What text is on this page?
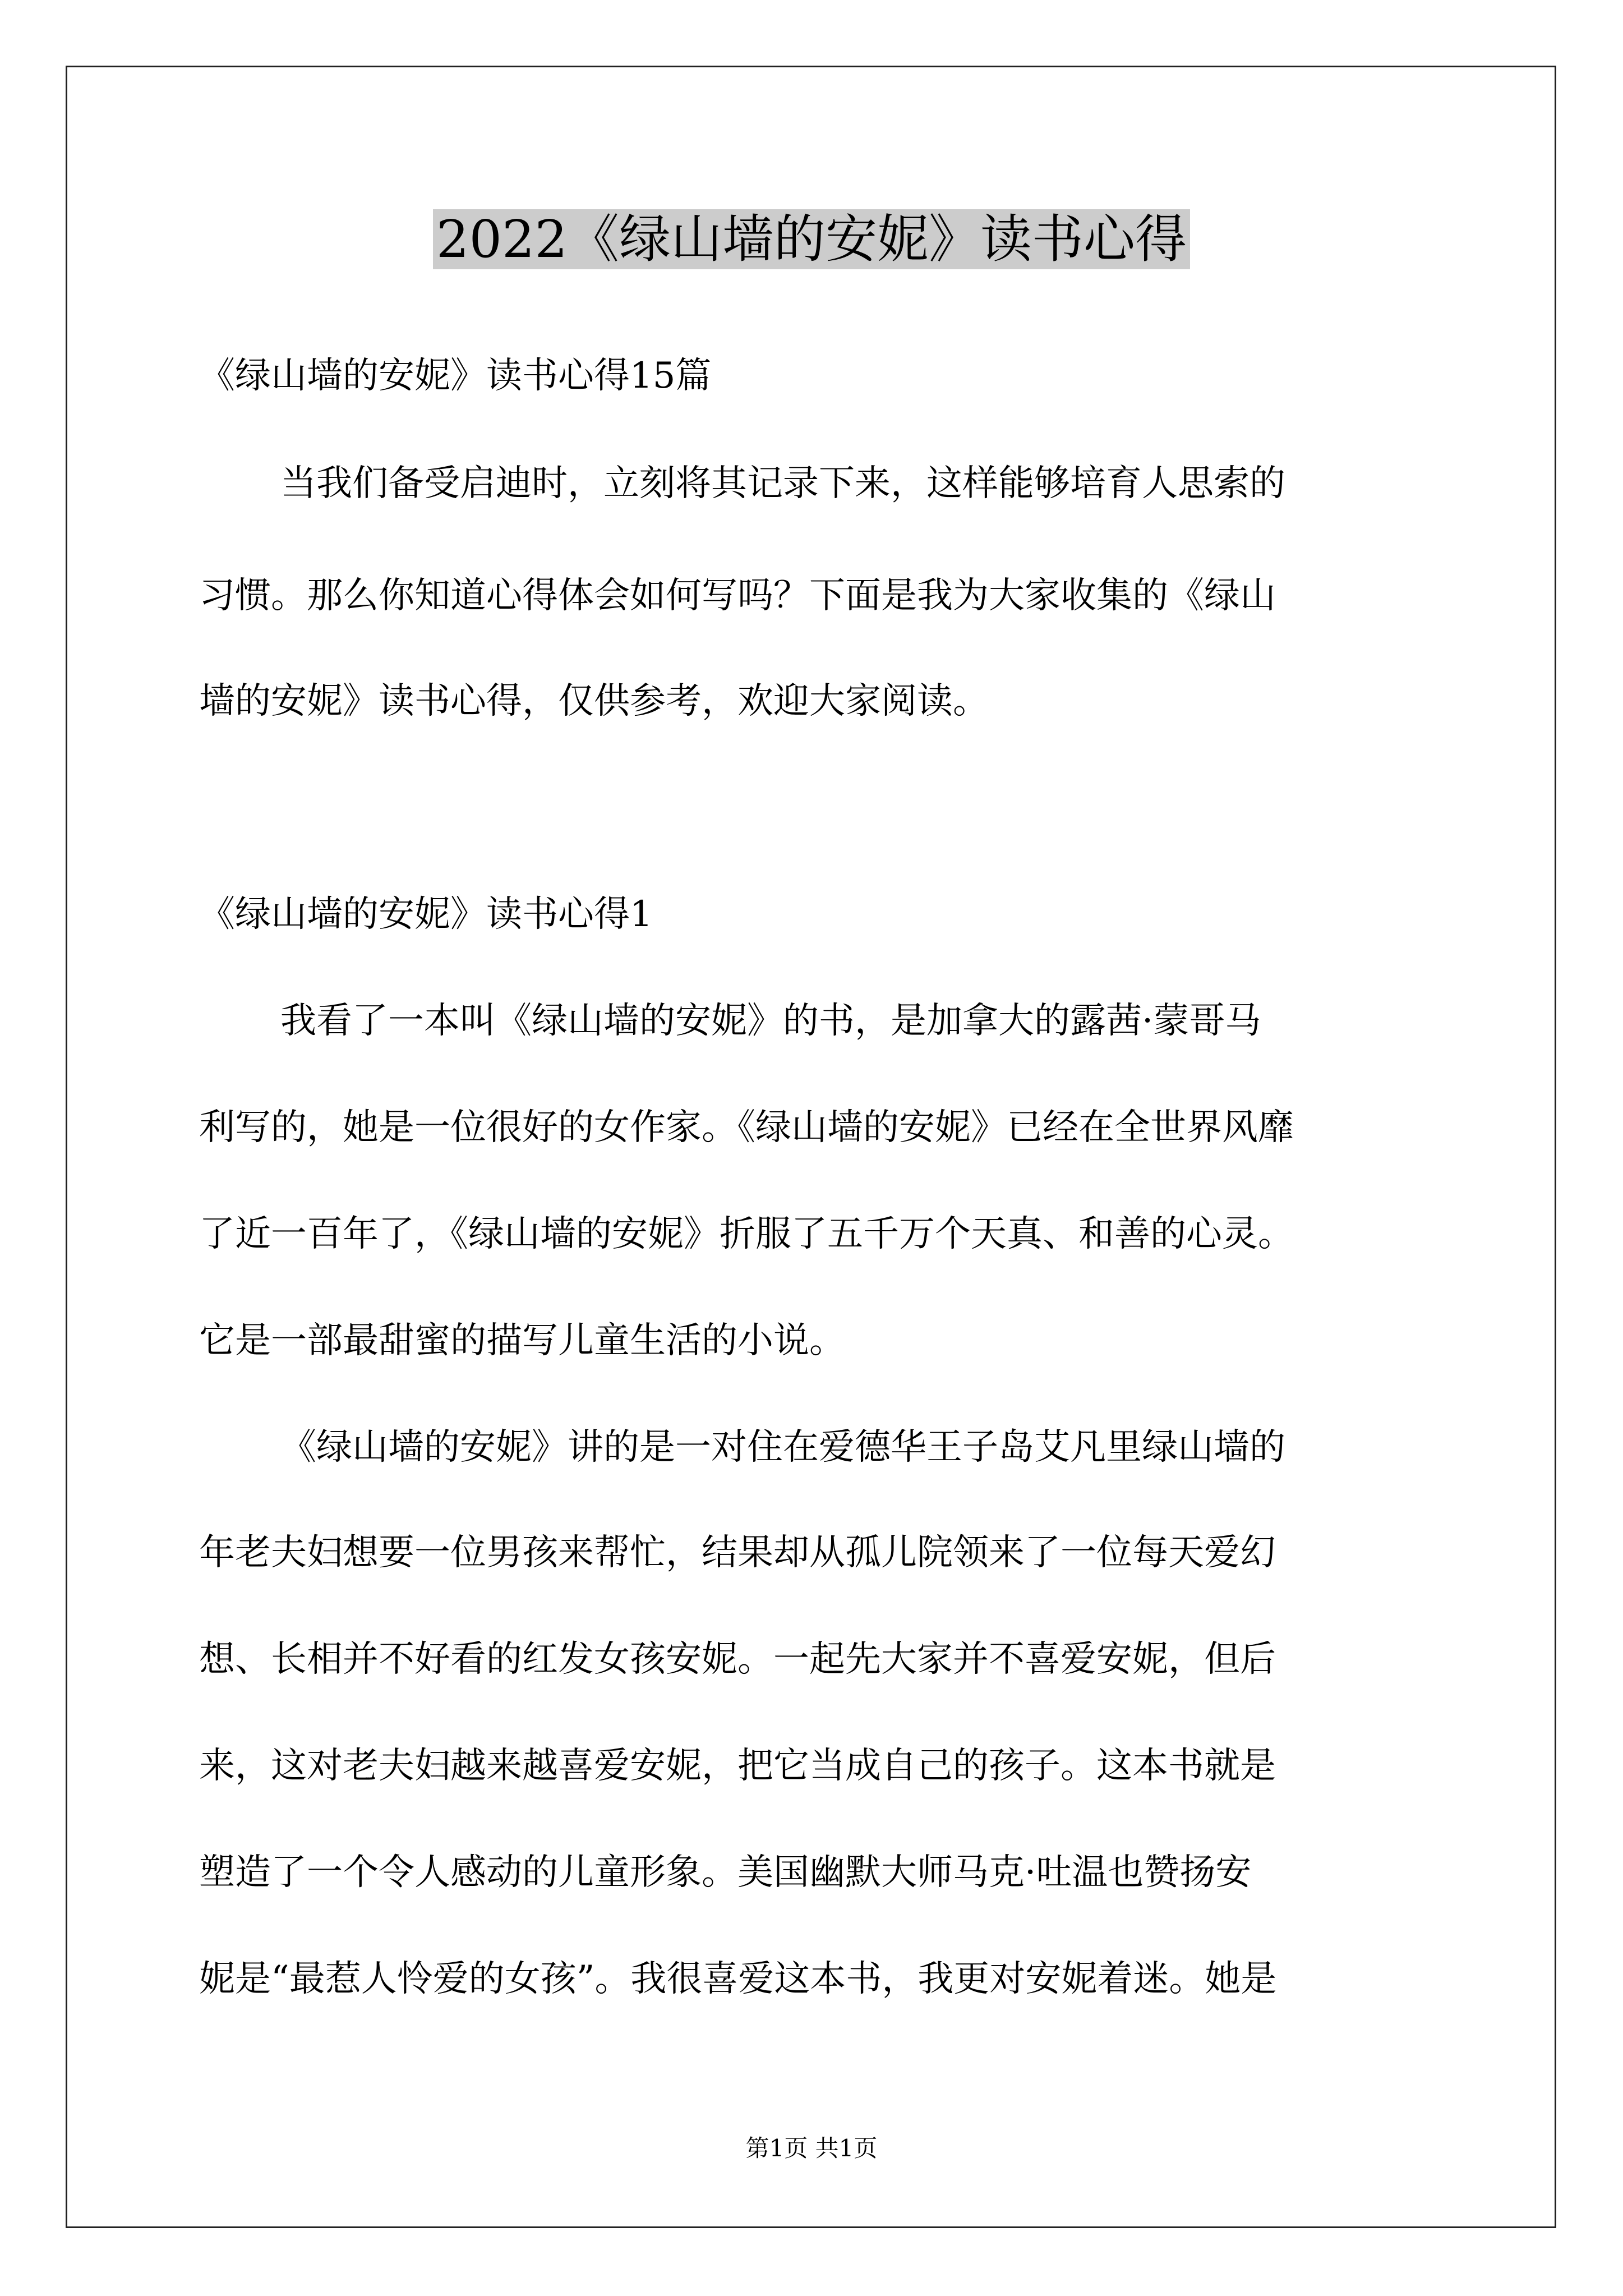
2022《绿山墙的安妮》读书心得
《绿山墙的安妮》读书心得15篇
当我们备受启迪时，立刻将其记录下来，这样能够培育人思索的
习惯。那么你知道心得体会如何写吗？下面是我为大家收集的《绿山
墙的安妮》读书心得，仅供参考，欢迎大家阅读。
《绿山墙的安妮》读书心得1
我看了一本叫《绿山墙的安妮》的书，是加拿大的露茜·蒙哥马
利写的，她是一位很好的女作家。《绿山墙的安妮》已经在全世界风靡
了近一百年了，《绿山墙的安妮》折服了五千万个天真、和善的心灵。
它是一部最甜蜜的描写儿童生活的小说。
《绿山墙的安妮》讲的是一对住在爱德华王子岛艾凡里绿山墙的
年老夫妇想要一位男孩来帮忙，结果却从孤儿院领来了一位每天爱幻
想、长相并不好看的红发女孩安妮。一起先大家并不喜爱安妮，但后
来，这对老夫妇越来越喜爱安妮，把它当成自己的孩子。这本书就是
塑造了一个令人感动的儿童形象。美国幽默大师马克·吐温也赞扬安
妮是“最惹人怜爱的女孩”。我很喜爱这本书，我更对安妮着迷。她是
第1页 共1页
